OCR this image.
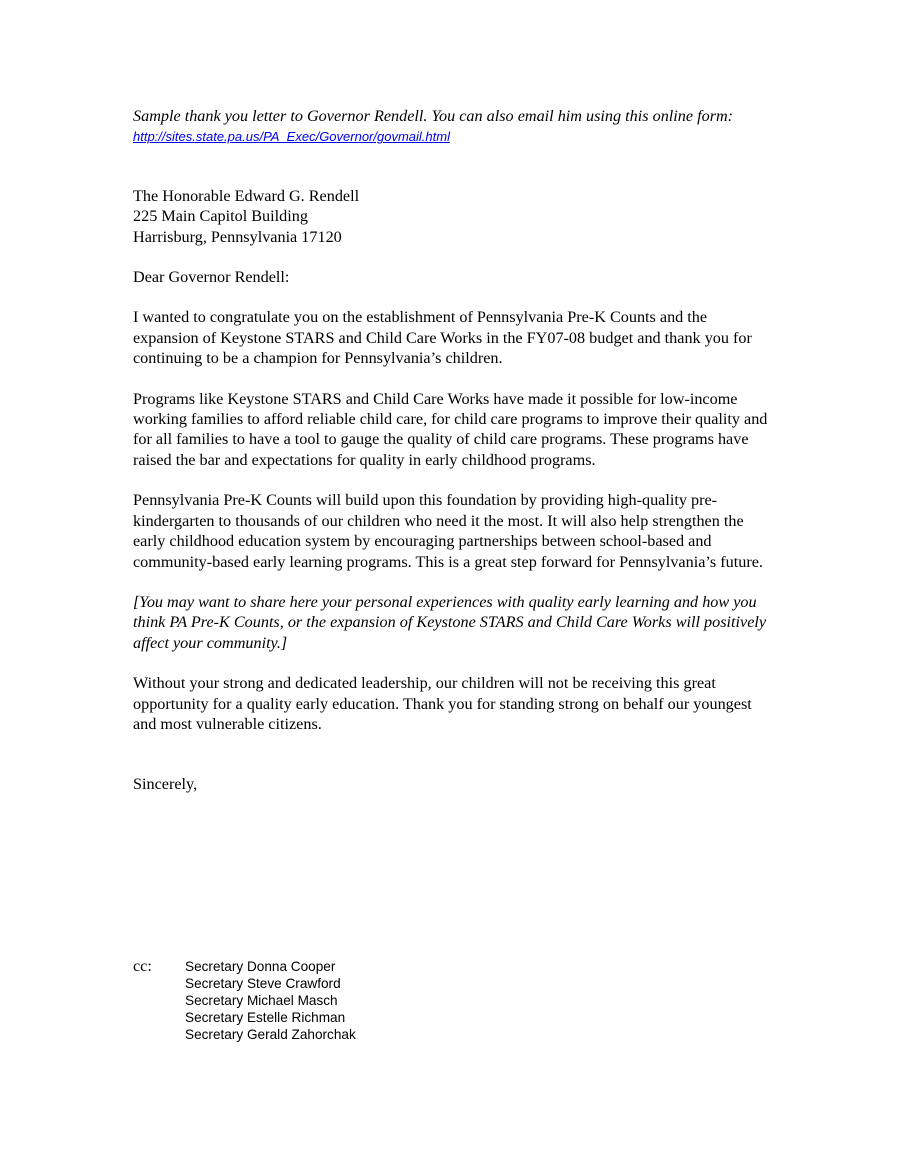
Sample thank you letter to Governor Rendell. You can also email him using this online form: http://sites.state.pa.us/PA_Exec/Governor/govmail.html

The Honorable Edward G. Rendell
225 Main Capitol Building
Harrisburg, Pennsylvania 17120
Dear Governor Rendell:

I wanted to congratulate you on the establishment of Pennsylvania Pre-K Counts and the expansion of Keystone STARS and Child Care Works in the FY07-08 budget and thank you for continuing to be a champion for Pennsylvania’s children.

Programs like Keystone STARS and Child Care Works have made it possible for low-income working families to afford reliable child care, for child care programs to improve their quality and for all families to have a tool to gauge the quality of child care programs. These programs have raised the bar and expectations for quality in early childhood programs.

Pennsylvania Pre-K Counts will build upon this foundation by providing high-quality pre-kindergarten to thousands of our children who need it the most. It will also help strengthen the early childhood education system by encouraging partnerships between school-based and community-based early learning programs. This is a great step forward for Pennsylvania’s future.

[You may want to share here your personal experiences with quality early learning and how you think PA Pre-K Counts, or the expansion of Keystone STARS and Child Care Works will positively affect your community.]

Without your strong and dedicated leadership, our children will not be receiving this great opportunity for a quality early education. Thank you for standing strong on behalf our youngest and most vulnerable citizens.

Sincerely,
cc: Secretary Donna Cooper
Secretary Steve Crawford
Secretary Michael Masch
Secretary Estelle Richman
Secretary Gerald Zahorchak
